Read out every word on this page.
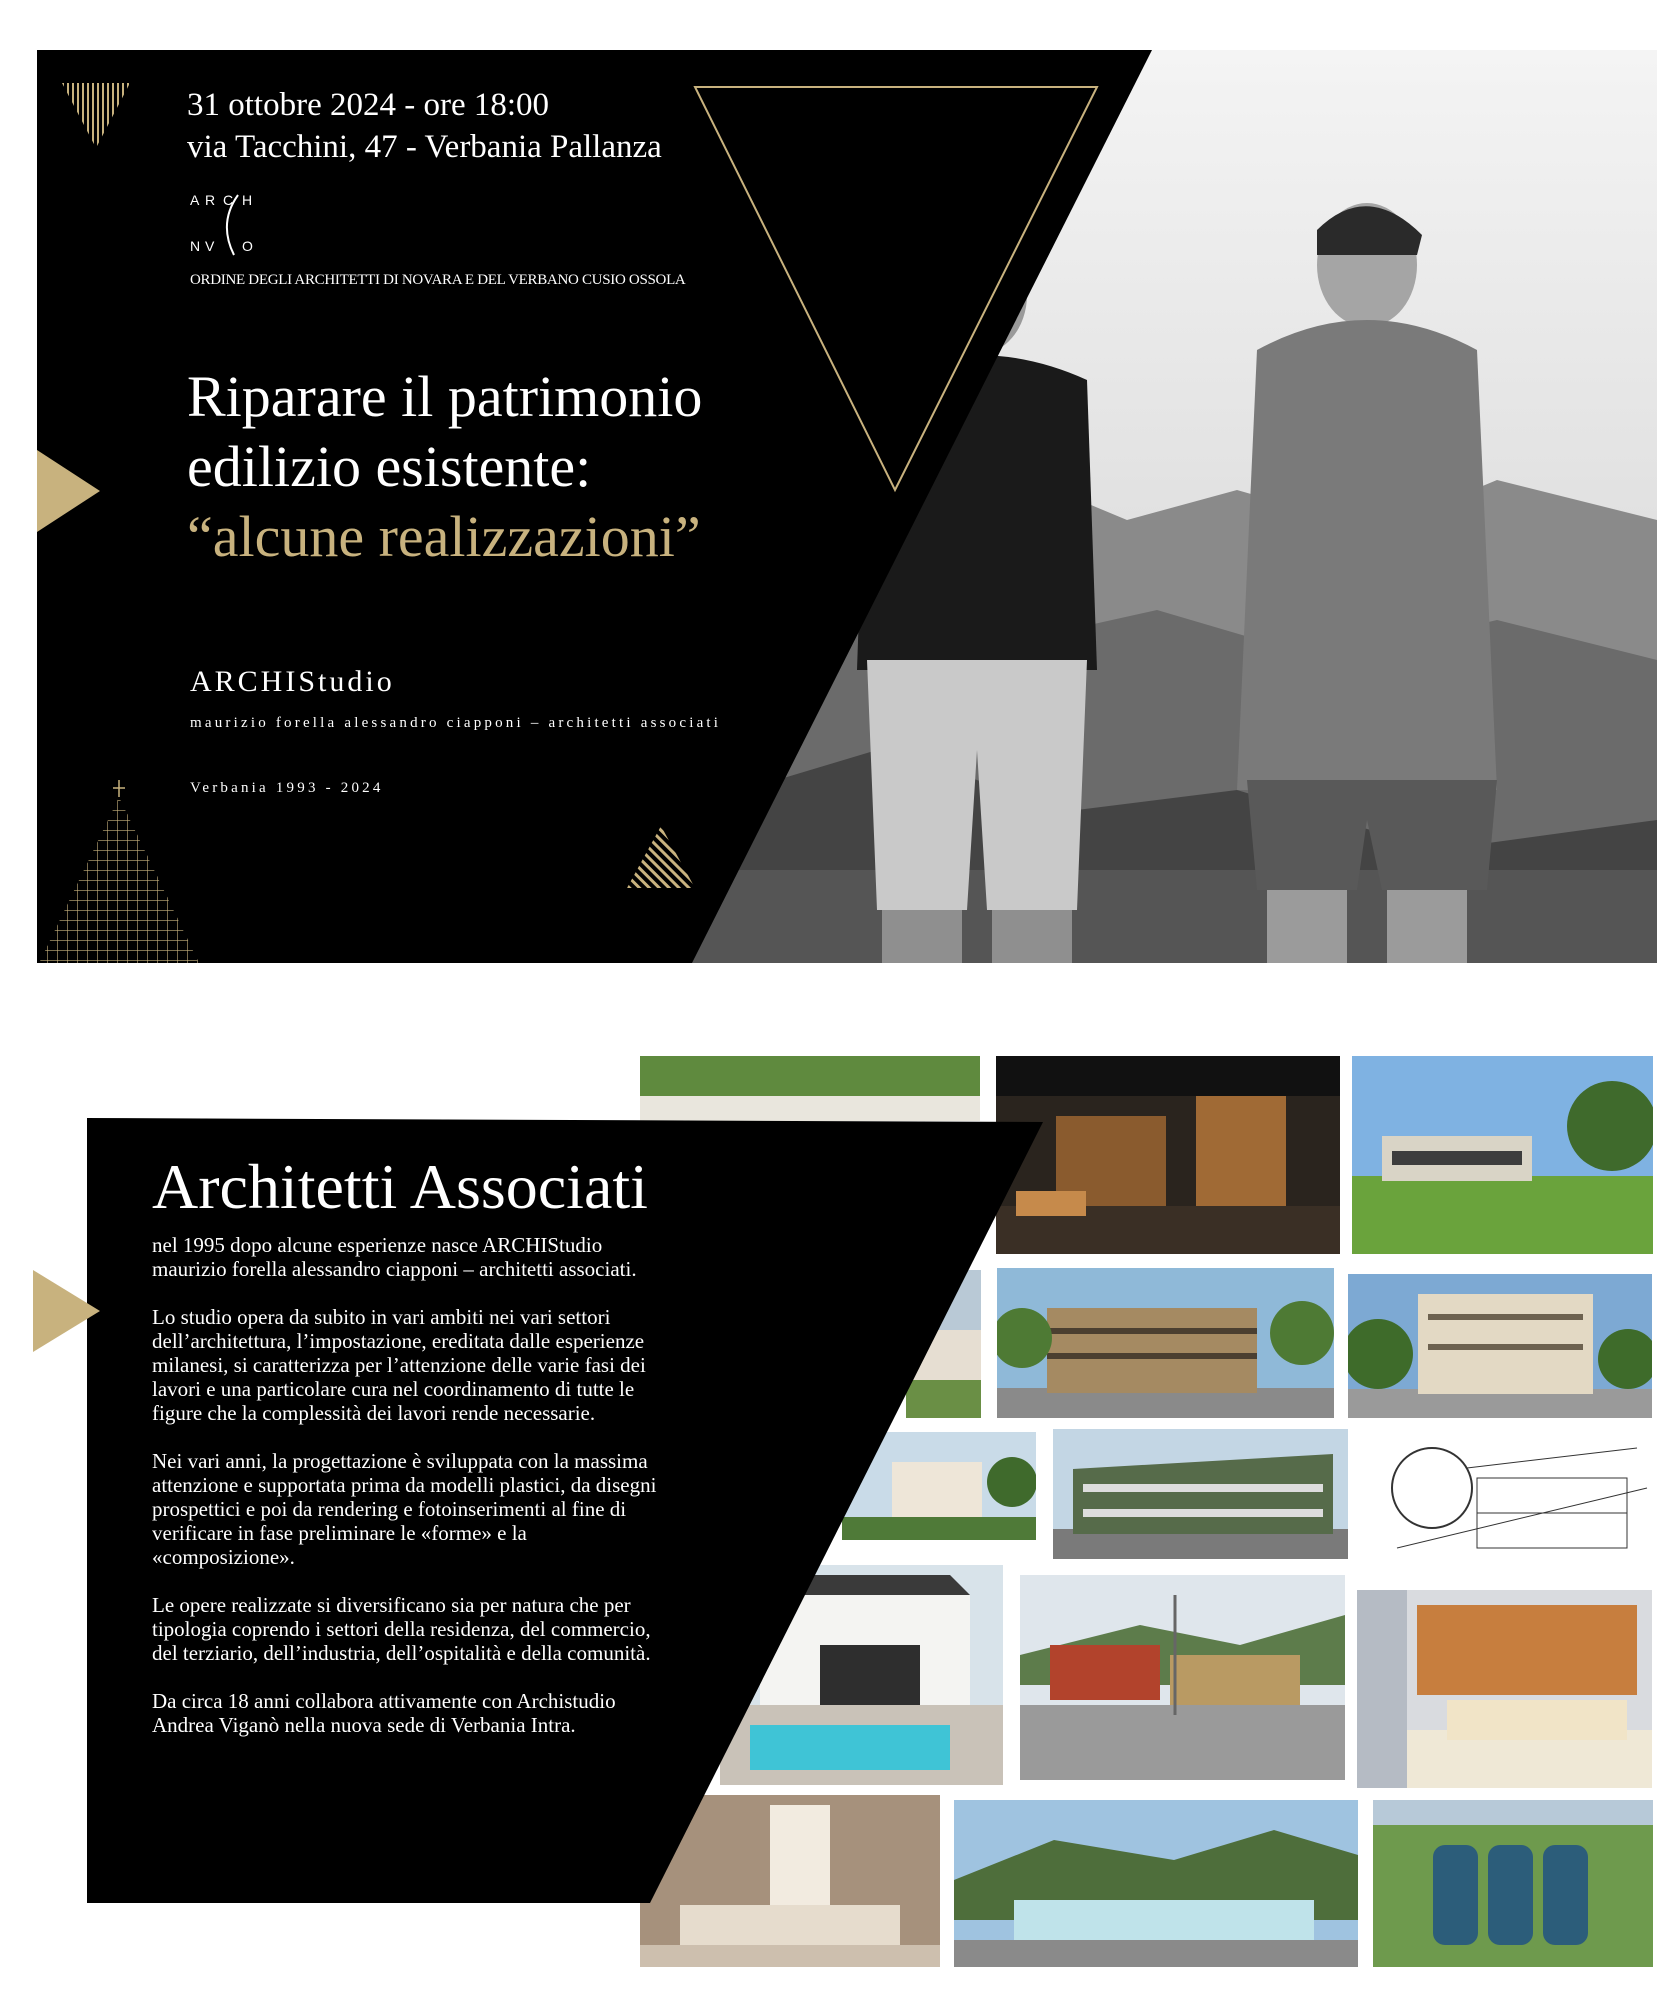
31 ottobre 2024 - ore 18:00
via Tacchini, 47 - Verbania Pallanza
A R C H
N V O
ORDINE DEGLI ARCHITETTI DI NOVARA E DEL VERBANO CUSIO OSSOLA
Riparare il patrimonio
edilizio esistente:
“alcune realizzazioni”
ARCHIStudio
maurizio forella alessandro ciapponi – architetti associati
Verbania 1993 - 2024
Architetti Associati

nel 1995 dopo alcune esperienze nasce ARCHIStudio
maurizio forella alessandro ciapponi – architetti associati.

Lo studio opera da subito in vari ambiti nei vari settori
dell’architettura, l’impostazione, ereditata dalle esperienze
milanesi, si caratterizza per l’attenzione delle varie fasi dei
lavori e una particolare cura nel coordinamento di tutte le
figure che la complessità dei lavori rende necessarie.

Nei vari anni, la progettazione è sviluppata con la massima
attenzione e supportata prima da modelli plastici, da disegni
prospettici e poi da rendering e fotoinserimenti al fine di
verificare in fase preliminare le «forme» e la
«composizione».

Le opere realizzate si diversificano sia per natura che per
tipologia coprendo i settori della residenza, del commercio,
del terziario, dell’industria, dell’ospitalità e della comunità.

Da circa 18 anni collabora attivamente con Archistudio
Andrea Viganò nella nuova sede di Verbania Intra.
